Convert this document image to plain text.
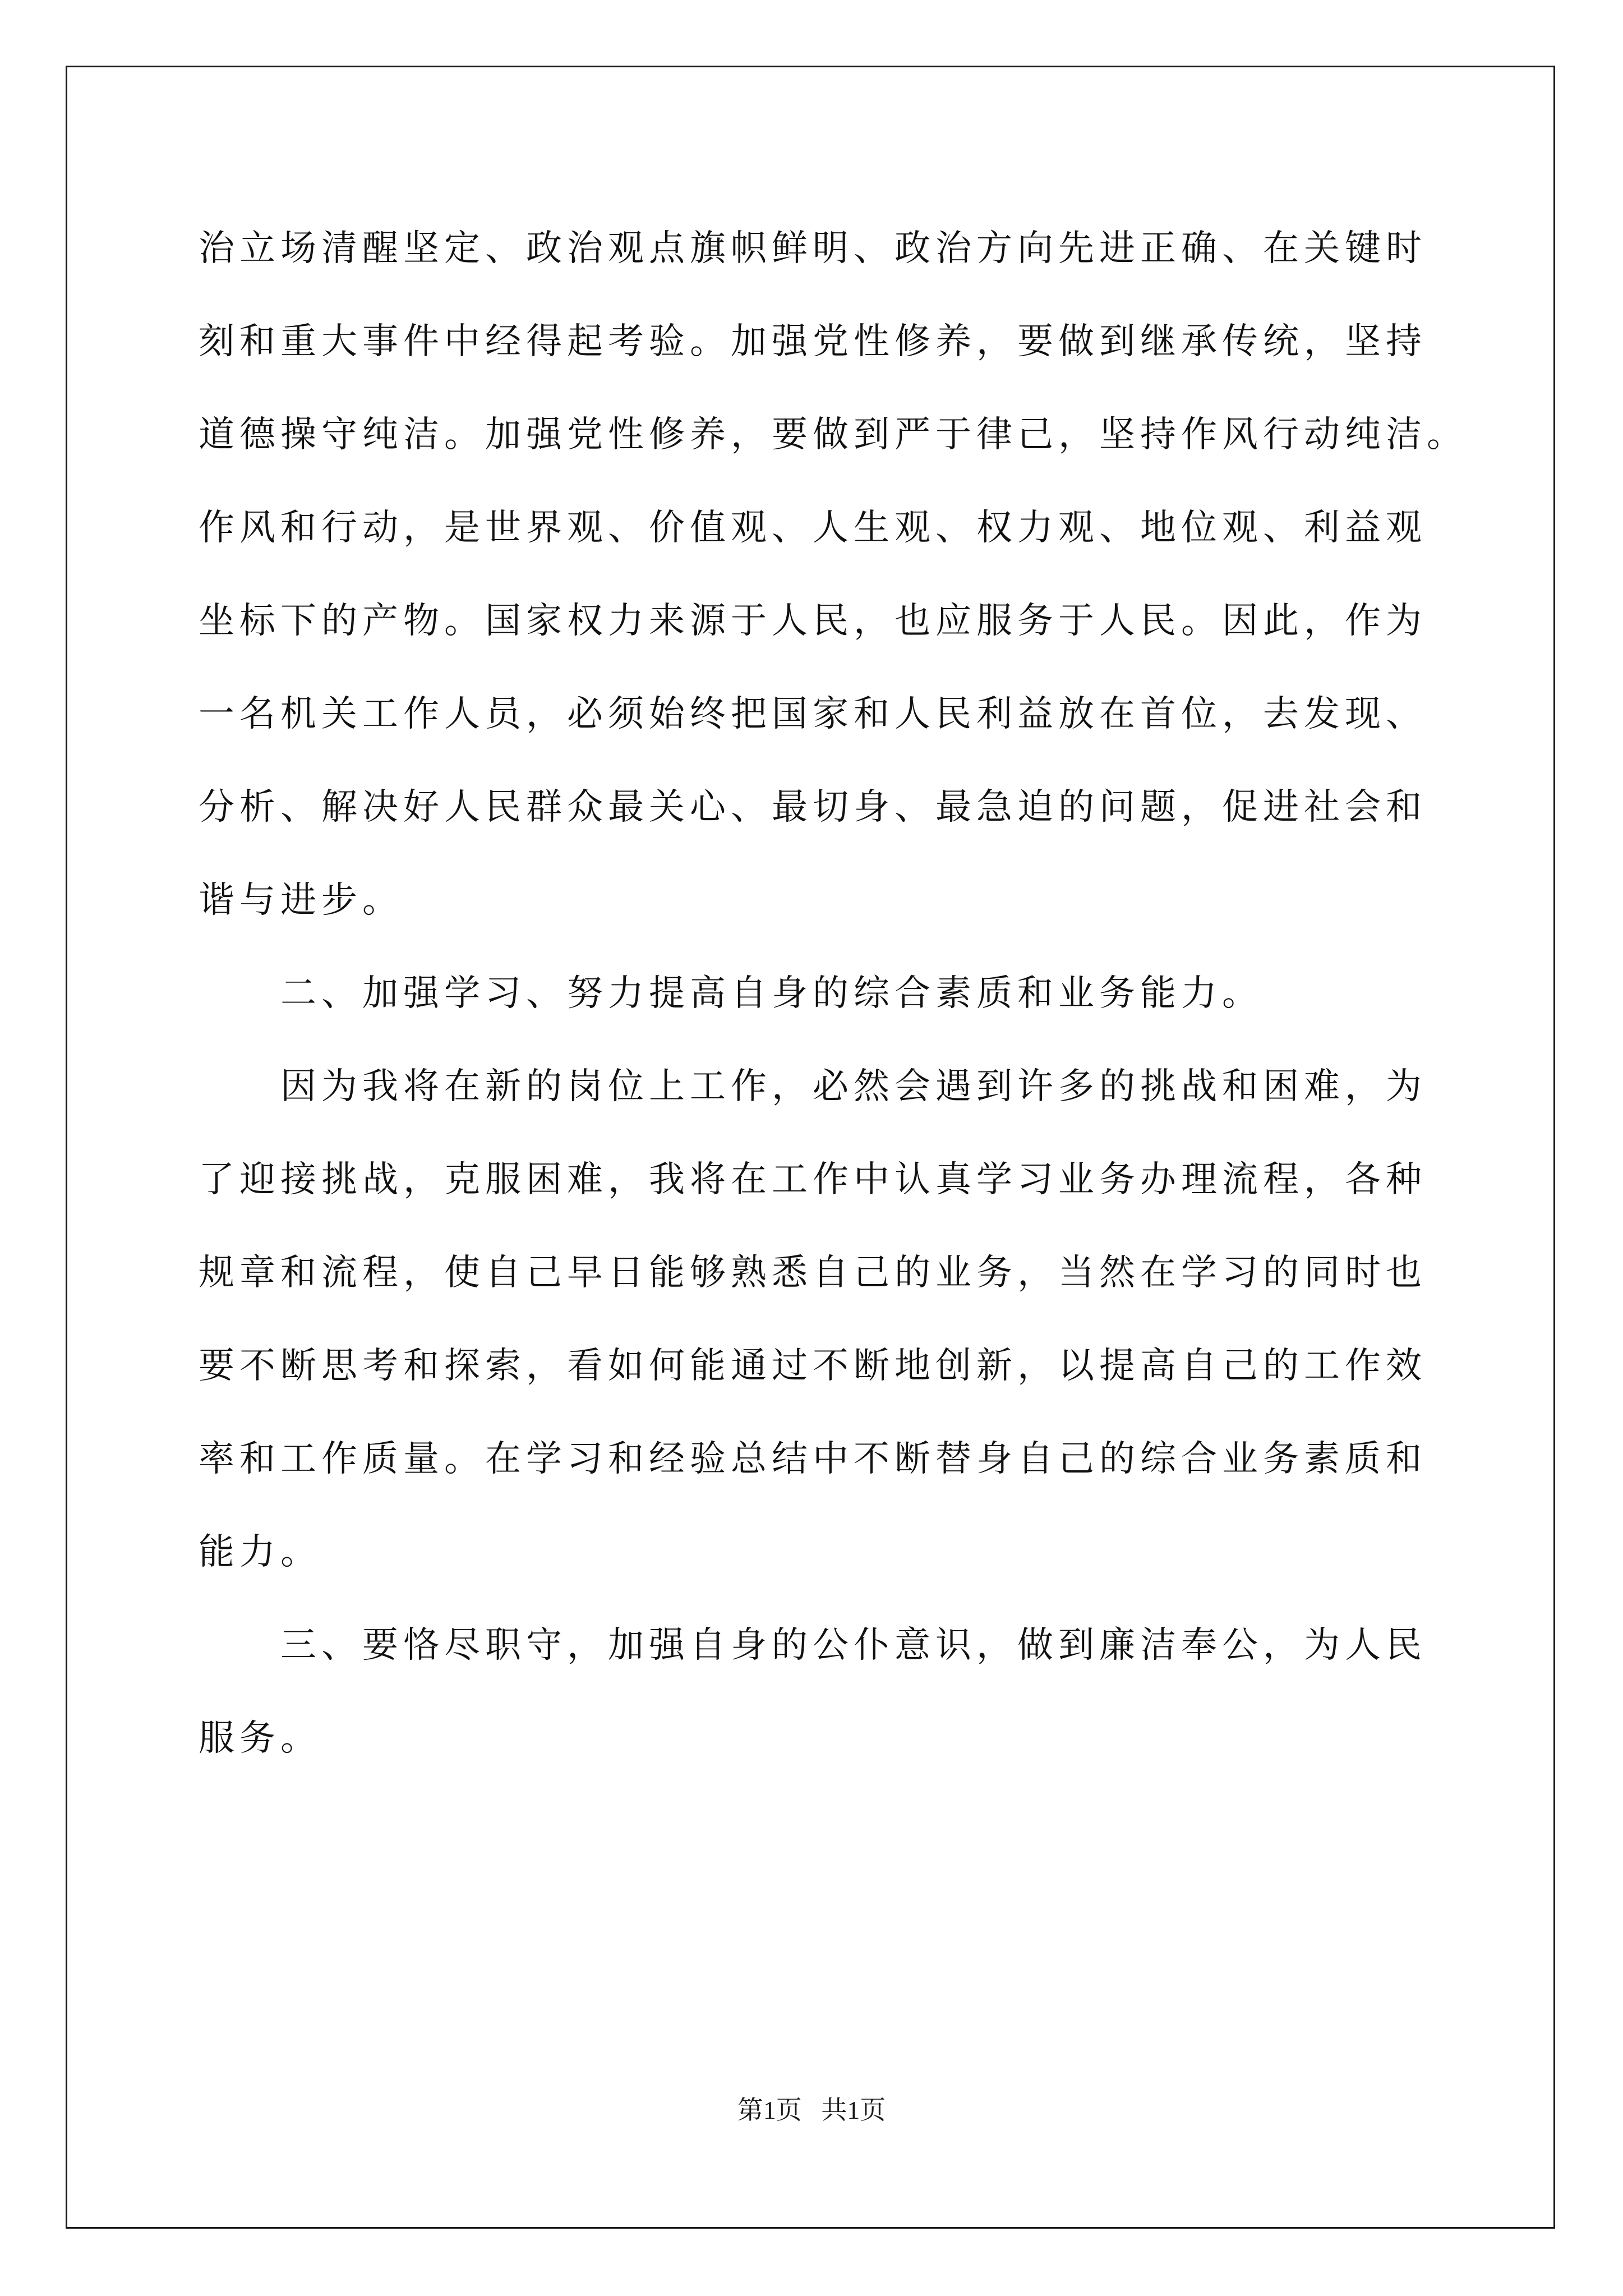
治立场清醒坚定、政治观点旗帜鲜明、政治方向先进正确、在关键时
刻和重大事件中经得起考验。加强党性修养，要做到继承传统，坚持
道德操守纯洁。加强党性修养，要做到严于律己，坚持作风行动纯洁。
作风和行动，是世界观、价值观、人生观、权力观、地位观、利益观
坐标下的产物。国家权力来源于人民，也应服务于人民。因此，作为
一名机关工作人员，必须始终把国家和人民利益放在首位，去发现、
分析、解决好人民群众最关心、最切身、最急迫的问题，促进社会和
谐与进步。
二、加强学习、努力提高自身的综合素质和业务能力。
因为我将在新的岗位上工作，必然会遇到许多的挑战和困难，为
了迎接挑战，克服困难，我将在工作中认真学习业务办理流程，各种
规章和流程，使自己早日能够熟悉自己的业务，当然在学习的同时也
要不断思考和探索，看如何能通过不断地创新，以提高自己的工作效
率和工作质量。在学习和经验总结中不断替身自己的综合业务素质和
能力。
三、要恪尽职守，加强自身的公仆意识，做到廉洁奉公，为人民
服务。
第1页   共1页
